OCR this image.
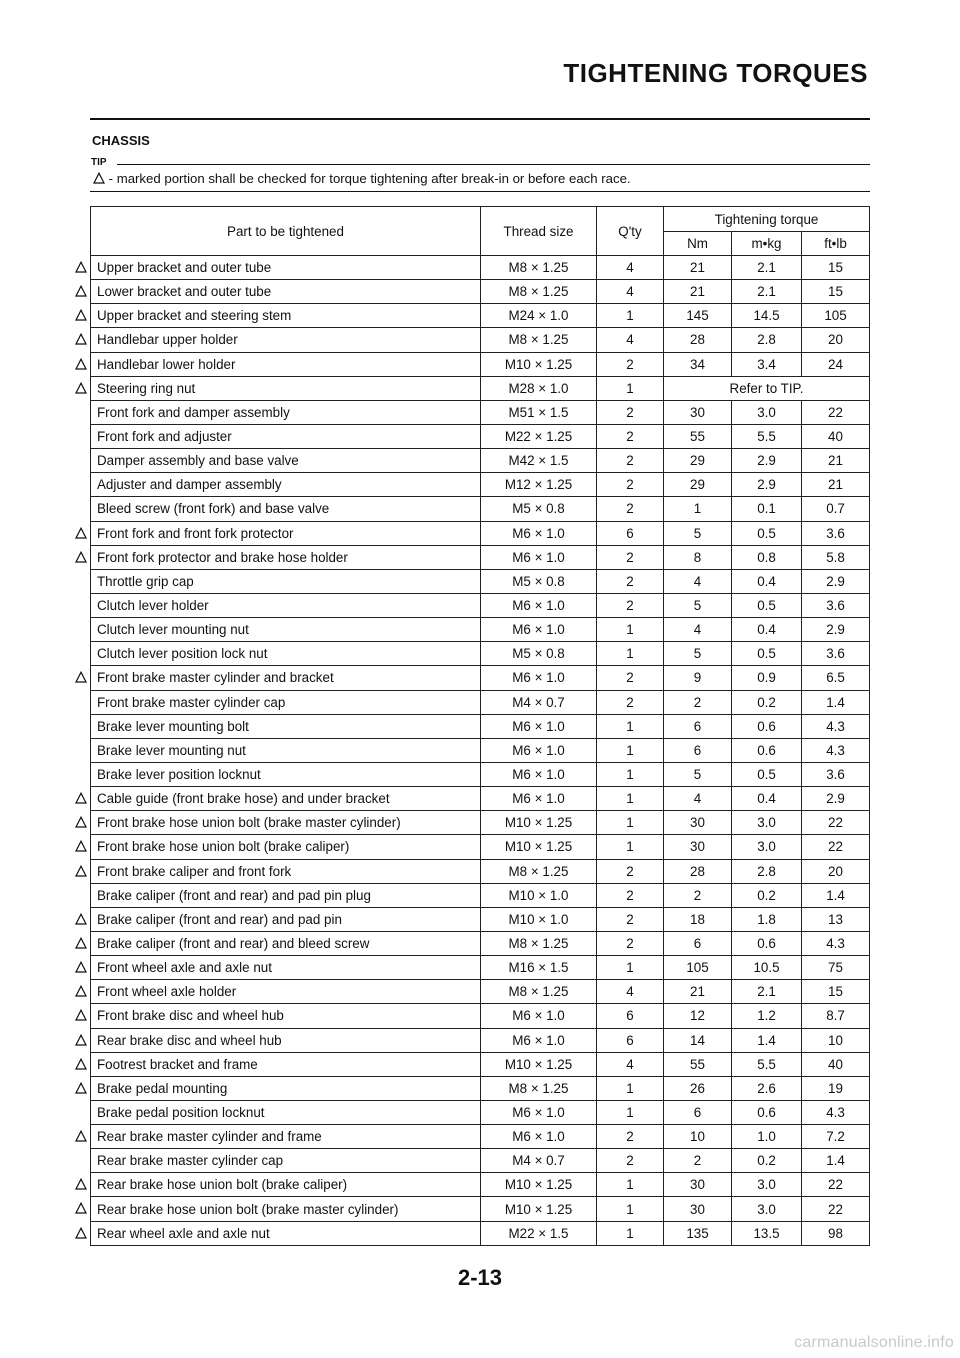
TIGHTENING TORQUES
CHASSIS
TIP
- marked portion shall be checked for torque tightening after break-in or before each race.
Part to be tightened	Thread size	Q'ty	Tightening torque		
			Nm	m•kg	ft•lb

Upper bracket and outer tube	M8 × 1.25	4	21	2.1	15

Lower bracket and outer tube	M8 × 1.25	4	21	2.1	15

Upper bracket and steering stem	M24 × 1.0	1	145	14.5	105

Handlebar upper holder	M8 × 1.25	4	28	2.8	20

Handlebar lower holder	M10 × 1.25	2	34	3.4	24

Steering ring nut	M28 × 1.0	1	Refer to TIP.		
Front fork and damper assembly	M51 × 1.5	2	30	3.0	22
Front fork and adjuster	M22 × 1.25	2	55	5.5	40
Damper assembly and base valve	M42 × 1.5	2	29	2.9	21
Adjuster and damper assembly	M12 × 1.25	2	29	2.9	21
Bleed screw (front fork) and base valve	M5 × 0.8	2	1	0.1	0.7

Front fork and front fork protector	M6 × 1.0	6	5	0.5	3.6

Front fork protector and brake hose holder	M6 × 1.0	2	8	0.8	5.8
Throttle grip cap	M5 × 0.8	2	4	0.4	2.9
Clutch lever holder	M6 × 1.0	2	5	0.5	3.6
Clutch lever mounting nut	M6 × 1.0	1	4	0.4	2.9
Clutch lever position lock nut	M5 × 0.8	1	5	0.5	3.6

Front brake master cylinder and bracket	M6 × 1.0	2	9	0.9	6.5
Front brake master cylinder cap	M4 × 0.7	2	2	0.2	1.4
Brake lever mounting bolt	M6 × 1.0	1	6	0.6	4.3
Brake lever mounting nut	M6 × 1.0	1	6	0.6	4.3
Brake lever position locknut	M6 × 1.0	1	5	0.5	3.6

Cable guide (front brake hose) and under bracket	M6 × 1.0	1	4	0.4	2.9

Front brake hose union bolt (brake master cylinder)	M10 × 1.25	1	30	3.0	22

Front brake hose union bolt (brake caliper)	M10 × 1.25	1	30	3.0	22

Front brake caliper and front fork	M8 × 1.25	2	28	2.8	20
Brake caliper (front and rear) and pad pin plug	M10 × 1.0	2	2	0.2	1.4

Brake caliper (front and rear) and pad pin	M10 × 1.0	2	18	1.8	13

Brake caliper (front and rear) and bleed screw	M8 × 1.25	2	6	0.6	4.3

Front wheel axle and axle nut	M16 × 1.5	1	105	10.5	75

Front wheel axle holder	M8 × 1.25	4	21	2.1	15

Front brake disc and wheel hub	M6 × 1.0	6	12	1.2	8.7

Rear brake disc and wheel hub	M6 × 1.0	6	14	1.4	10

Footrest bracket and frame	M10 × 1.25	4	55	5.5	40

Brake pedal mounting	M8 × 1.25	1	26	2.6	19
Brake pedal position locknut	M6 × 1.0	1	6	0.6	4.3

Rear brake master cylinder and frame	M6 × 1.0	2	10	1.0	7.2
Rear brake master cylinder cap	M4 × 0.7	2	2	0.2	1.4

Rear brake hose union bolt (brake caliper)	M10 × 1.25	1	30	3.0	22

Rear brake hose union bolt (brake master cylinder)	M10 × 1.25	1	30	3.0	22

Rear wheel axle and axle nut	M22 × 1.5	1	135	13.5	98
2-13
carmanualsonline.info
